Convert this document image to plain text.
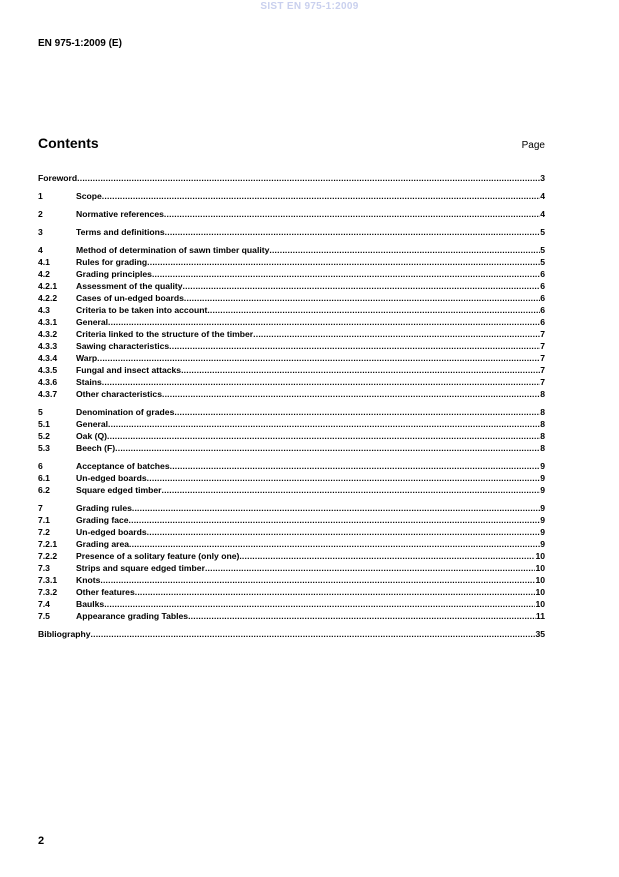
SIST EN 975-1:2009
EN 975-1:2009 (E)
Contents	Page
Foreword .....	3
1	Scope .....	4
2	Normative references .....	4
3	Terms and definitions .....	5
4	Method of determination of sawn timber quality .....	5
4.1	Rules for grading .....	5
4.2	Grading principles .....	6
4.2.1	Assessment of the quality .....	6
4.2.2	Cases of un-edged boards .....	6
4.3	Criteria to be taken into account .....	6
4.3.1	General .....	6
4.3.2	Criteria linked to the structure of the timber .....	7
4.3.3	Sawing characteristics .....	7
4.3.4	Warp .....	7
4.3.5	Fungal and insect attacks .....	7
4.3.6	Stains .....	7
4.3.7	Other characteristics .....	8
5	Denomination of grades .....	8
5.1	General .....	8
5.2	Oak (Q) .....	8
5.3	Beech (F) .....	8
6	Acceptance of batches .....	9
6.1	Un-edged boards .....	9
6.2	Square edged timber .....	9
7	Grading rules .....	9
7.1	Grading face .....	9
7.2	Un-edged boards .....	9
7.2.1	Grading area .....	9
7.2.2	Presence of a solitary feature (only one) .....	10
7.3	Strips and square edged timber .....	10
7.3.1	Knots .....	10
7.3.2	Other features .....	10
7.4	Baulks .....	10
7.5	Appearance grading Tables .....	11
Bibliography .....	35
2
